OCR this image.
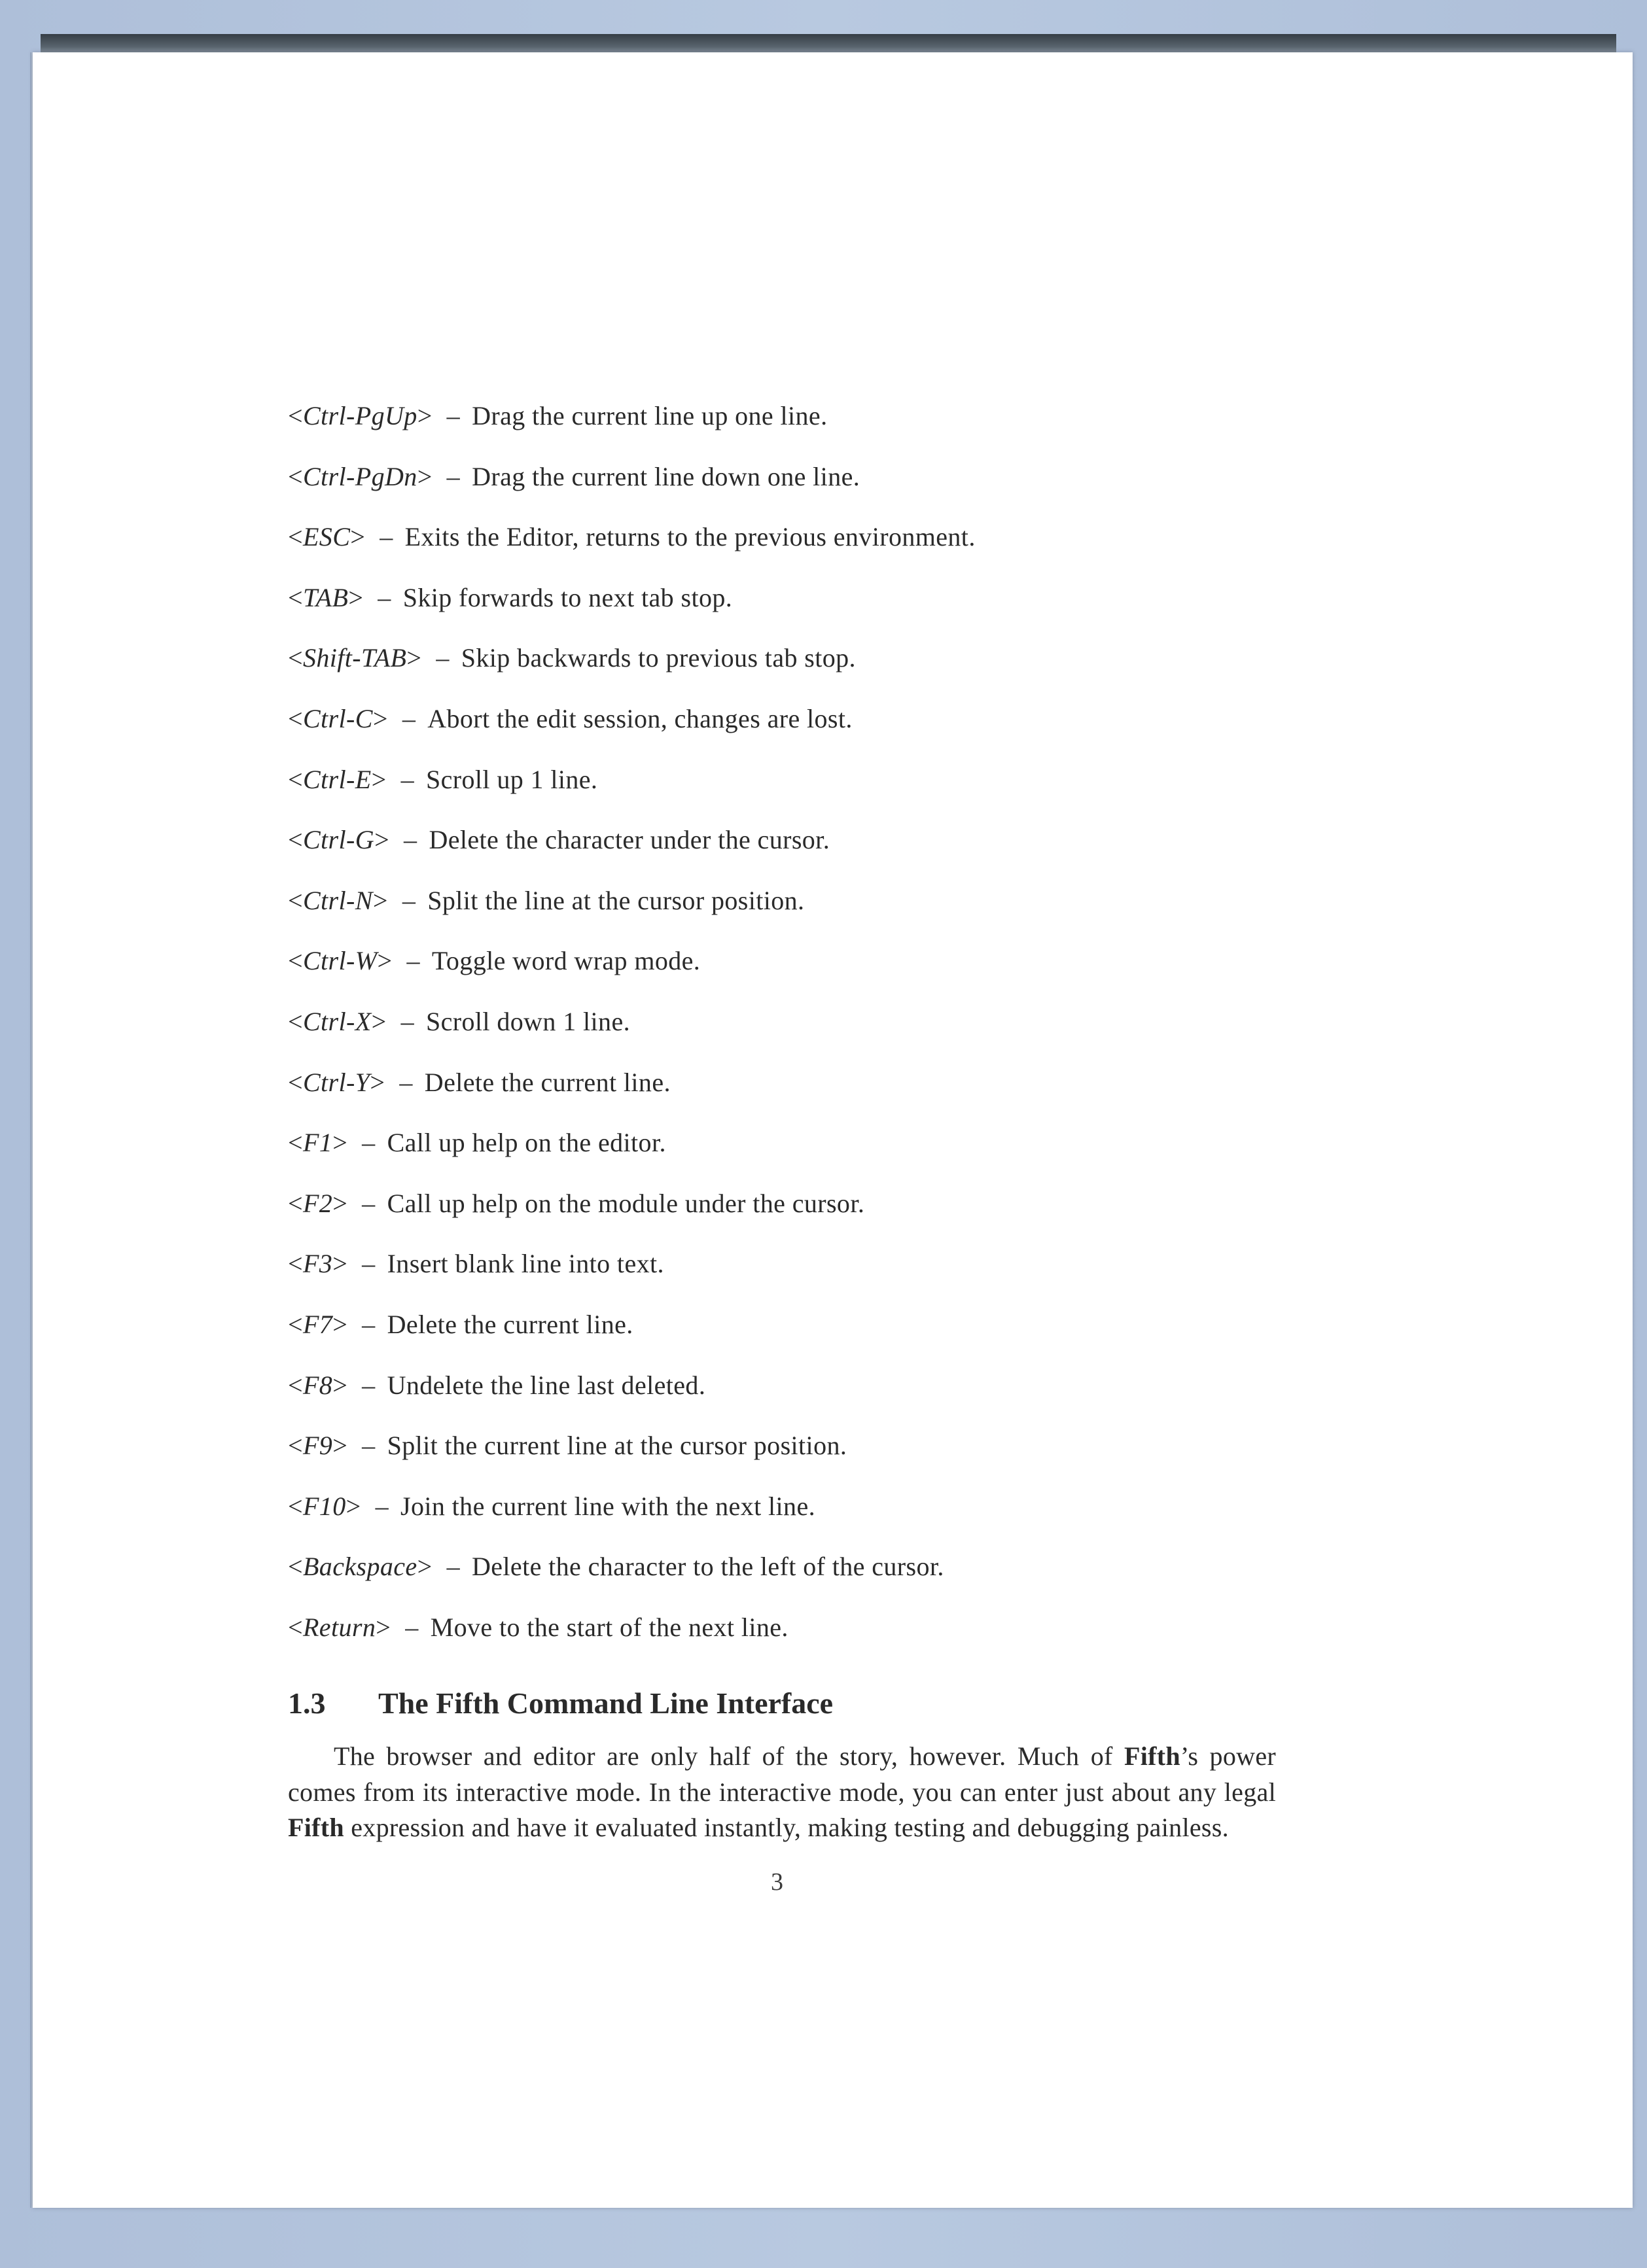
<Ctrl-PgUp> – Drag the current line up one line.
<Ctrl-PgDn> – Drag the current line down one line.
<ESC> – Exits the Editor, returns to the previous environment.
<TAB> – Skip forwards to next tab stop.
<Shift-TAB> – Skip backwards to previous tab stop.
<Ctrl-C> – Abort the edit session, changes are lost.
<Ctrl-E> – Scroll up 1 line.
<Ctrl-G> – Delete the character under the cursor.
<Ctrl-N> – Split the line at the cursor position.
<Ctrl-W> – Toggle word wrap mode.
<Ctrl-X> – Scroll down 1 line.
<Ctrl-Y> – Delete the current line.
<F1> – Call up help on the editor.
<F2> – Call up help on the module under the cursor.
<F3> – Insert blank line into text.
<F7> – Delete the current line.
<F8> – Undelete the line last deleted.
<F9> – Split the current line at the cursor position.
<F10> – Join the current line with the next line.
<Backspace> – Delete the character to the left of the cursor.
<Return> – Move to the start of the next line.
1.3 The Fifth Command Line Interface

The browser and editor are only half of the story, however. Much of Fifth’s power comes from its interactive mode. In the interactive mode, you can enter just about any legal Fifth expression and have it evaluated instantly, making testing and debugging painless.

3
